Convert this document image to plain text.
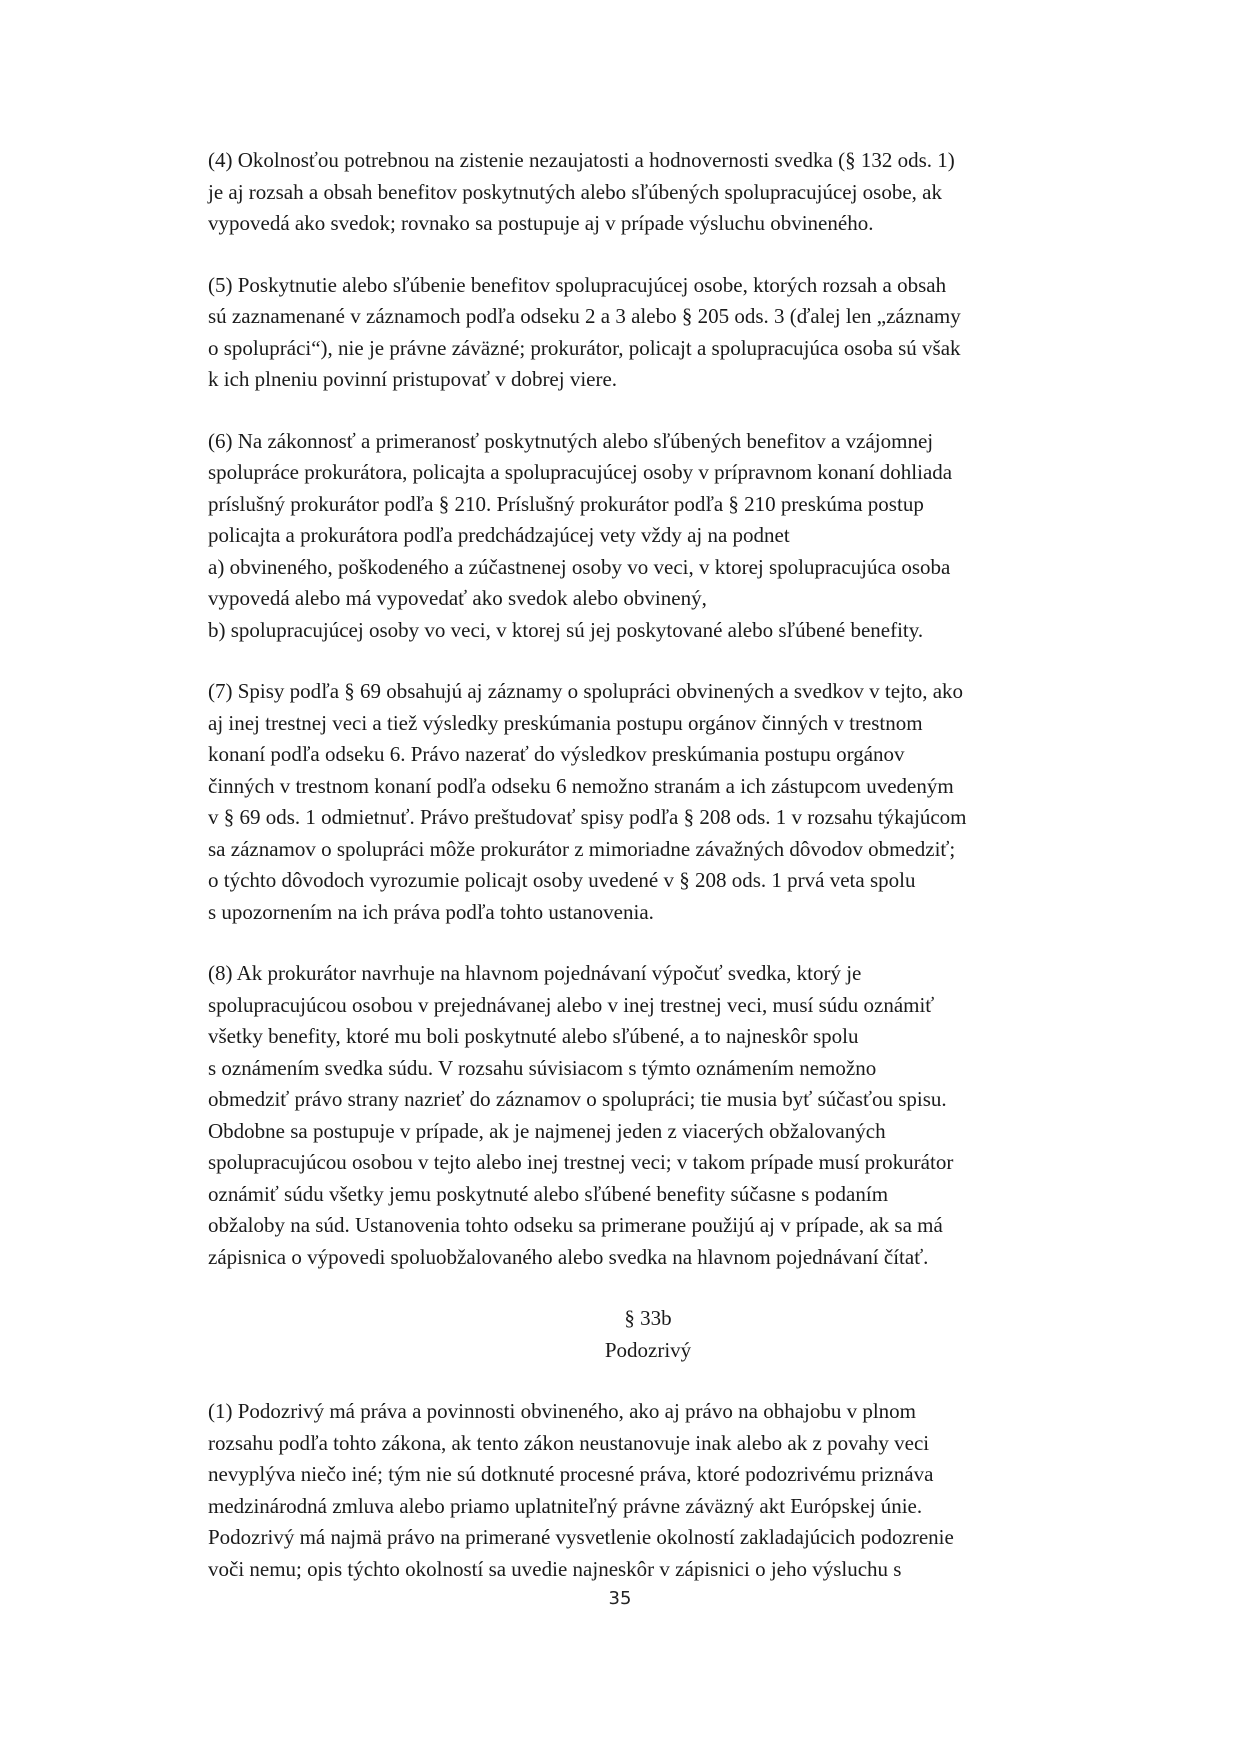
(4) Okolnosťou potrebnou na zistenie nezaujatosti a hodnovernosti svedka (§ 132 ods. 1)
je aj rozsah a obsah benefitov poskytnutých alebo sľúbených spolupracujúcej osobe, ak
vypovedá ako svedok; rovnako sa postupuje aj v prípade výsluchu obvineného.

(5) Poskytnutie alebo sľúbenie benefitov spolupracujúcej osobe, ktorých rozsah a obsah
sú zaznamenané v záznamoch podľa odseku 2 a 3 alebo § 205 ods. 3 (ďalej len „záznamy
o spolupráci“), nie je právne záväzné; prokurátor, policajt a spolupracujúca osoba sú však
k ich plneniu povinní pristupovať v dobrej viere.

(6) Na zákonnosť a primeranosť poskytnutých alebo sľúbených benefitov a vzájomnej
spolupráce prokurátora, policajta a spolupracujúcej osoby v prípravnom konaní dohliada
príslušný prokurátor podľa § 210. Príslušný prokurátor podľa § 210 preskúma postup
policajta a prokurátora podľa predchádzajúcej vety vždy aj na podnet
a) obvineného, poškodeného a zúčastnenej osoby vo veci, v ktorej spolupracujúca osoba
vypovedá alebo má vypovedať ako svedok alebo obvinený,
b) spolupracujúcej osoby vo veci, v ktorej sú jej poskytované alebo sľúbené benefity.

(7) Spisy podľa § 69 obsahujú aj záznamy o spolupráci obvinených a svedkov v tejto, ako
aj inej trestnej veci a tiež výsledky preskúmania postupu orgánov činných v trestnom
konaní podľa odseku 6. Právo nazerať do výsledkov preskúmania postupu orgánov
činných v trestnom konaní podľa odseku 6 nemožno stranám a ich zástupcom uvedeným
v § 69 ods. 1 odmietnuť. Právo preštudovať spisy podľa § 208 ods. 1 v rozsahu týkajúcom
sa záznamov o spolupráci môže prokurátor z mimoriadne závažných dôvodov obmedziť;
o týchto dôvodoch vyrozumie policajt osoby uvedené v § 208 ods. 1 prvá veta spolu
s upozornením na ich práva podľa tohto ustanovenia.

(8) Ak prokurátor navrhuje na hlavnom pojednávaní výpočuť svedka, ktorý je
spolupracujúcou osobou v prejednávanej alebo v inej trestnej veci, musí súdu oznámiť
všetky benefity, ktoré mu boli poskytnuté alebo sľúbené, a to najneskôr spolu
s oznámením svedka súdu. V rozsahu súvisiacom s týmto oznámením nemožno
obmedziť právo strany nazrieť do záznamov o spolupráci; tie musia byť súčasťou spisu.
Obdobne sa postupuje v prípade, ak je najmenej jeden z viacerých obžalovaných
spolupracujúcou osobou v tejto alebo inej trestnej veci; v takom prípade musí prokurátor
oznámiť súdu všetky jemu poskytnuté alebo sľúbené benefity súčasne s podaním
obžaloby na súd. Ustanovenia tohto odseku sa primerane použijú aj v prípade, ak sa má
zápisnica o výpovedi spoluobžalovaného alebo svedka na hlavnom pojednávaní čítať.

§ 33b
Podozrivý

(1) Podozrivý má práva a povinnosti obvineného, ako aj právo na obhajobu v plnom
rozsahu podľa tohto zákona, ak tento zákon neustanovuje inak alebo ak z povahy veci
nevyplýva niečo iné; tým nie sú dotknuté procesné práva, ktoré podozrivému priznáva
medzinárodná zmluva alebo priamo uplatniteľný právne záväzný akt Európskej únie.
Podozrivý má najmä právo na primerané vysvetlenie okolností zakladajúcich podozrenie
voči nemu; opis týchto okolností sa uvedie najneskôr v zápisnici o jeho výsluchu s

35
